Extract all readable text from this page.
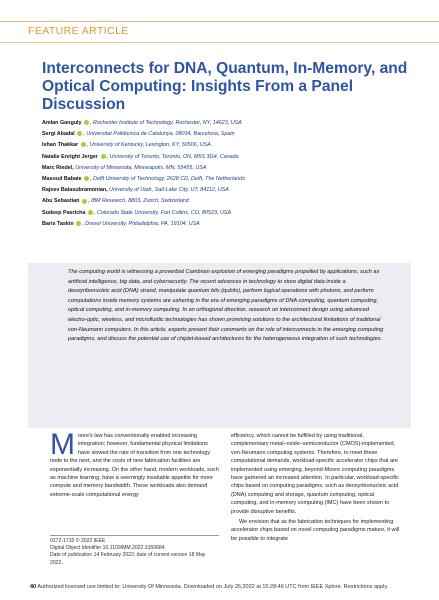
FEATURE ARTICLE
Interconnects for DNA, Quantum, In-Memory, and Optical Computing: Insights From a Panel Discussion
Amlan Ganguly , Rochester Institute of Technology, Rochester, NY, 14623, USA
Sergi Abadal , Universitat Politècnica de Catalunya, 08034, Barcelona, Spain
Ishan Thakkar , University of Kentucky, Lexington, KY, 50506, USA
Natalie Enright Jerger , University of Toronto, Toronto, ON, M5S 3G4, Canada
Marc Riedel, University of Minnesota, Minneapolis, MN, 55455, USA
Masoud Babaie , Delft University of Technology, 2628 CD, Delft, The Netherlands
Rajeev Balasubramonian, University of Utah, Salt Lake City, UT, 84112, USA
Abu Sebastian , IBM Research, 8803, Zurich, Switzerland
Sudeep Pasricha , Colorado State University, Fort Collins, CO, 80523, USA
Baris Taskin , Drexel University, Philadelphia, PA, 19104, USA

The computing world is witnessing a proverbial Cambrian explosion of emerging paradigms propelled by applications, such as artificial intelligence, big data, and cybersecurity. The recent advances in technology to store digital data inside a deoxyribonucleic acid (DNA) strand, manipulate quantum bits (qubits), perform logical operations with photons, and perform computations inside memory systems are ushering in the era of emerging paradigms of DNA computing, quantum computing, optical computing, and in-memory computing. In an orthogonal direction, research on interconnect design using advanced electro-optic, wireless, and microfluidic technologies has shown promising solutions to the architectural limitations of traditional von-Neumann computers. In this article, experts present their comments on the role of interconnects in the emerging computing paradigms, and discuss the potential use of chiplet-based architectures for the heterogeneous integration of such technologies.

Moore's law has conventionally enabled increasing integration; however, fundamental physical limitations have slowed the rate of transition from one technology node to the next, and the costs of new fabrication facilities are exponentially increasing. On the other hand, modern workloads, such as machine learning, have a seemingly insatiable appetite for more compute and memory bandwidth. These workloads also demand extreme-scale computational energy
efficiency, which cannot be fulfilled by using traditional, complementary metal–oxide–semiconductor (CMOS)-implemented, von-Neumann computing systems. Therefore, to meet these computational demands, workload-specific accelerator chips that are implemented using emerging, beyond-Moore computing paradigms have garnered an increased attention. In particular, workload-specific chips based on computing paradigms, such as deoxyribonucleic acid (DNA) computing and storage, quantum computing, optical computing, and in-memory computing (IMC) have been shown to provide disruptive benefits.
We envision that as the fabrication techniques for implementing accelerator chips based on novel computing paradigms mature, it will be possible to integrate
0272-1732 © 2022 IEEE
Digital Object Identifier 10.1109/MM.2022.3150684
Date of publication 14 February 2022; date of current version 18 May 2022.
40 Authorized licensed use limited to: University Of Minnesota. Downloaded on July 26,2022 at 15:28:46 UTC from IEEE Xplore. Restrictions apply.
